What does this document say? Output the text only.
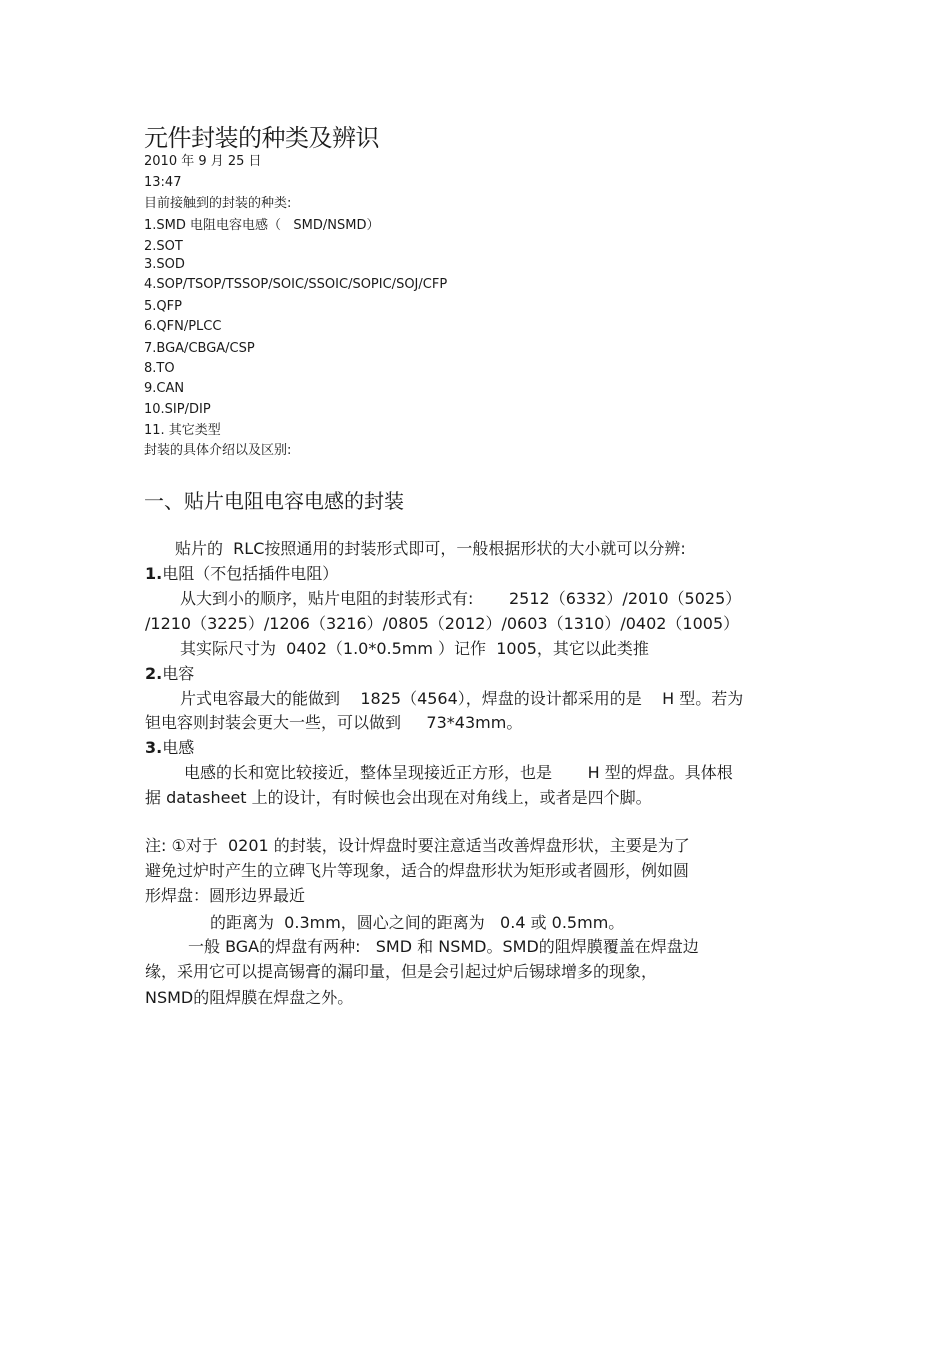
元件封装的种类及辨识
2010 年 9 月 25 日
13:47
目前接触到的封装的种类:
1.SMD 电阻电容电感（   SMD/NSMD）
2.SOT
3.SOD
4.SOP/TSOP/TSSOP/SOIC/SSOIC/SOPIC/SOJ/CFP
5.QFP
6.QFN/PLCC
7.BGA/CBGA/CSP
8.TO
9.CAN
10.SIP/DIP
11. 其它类型
封装的具体介绍以及区别:
一、贴片电阻电容电感的封装
贴片的  RLC按照通用的封装形式即可，一般根据形状的大小就可以分辨:
1.电阻（不包括插件电阻）
从大到小的顺序，贴片电阻的封装形式有:       2512（6332）/2010（5025）
/1210（3225）/1206（3216）/0805（2012）/0603（1310）/0402（1005）
其实际尺寸为  0402（1.0*0.5mm ）记作  1005，其它以此类推
2.电容
片式电容最大的能做到    1825（4564），焊盘的设计都采用的是    H 型。若为
钽电容则封装会更大一些，可以做到     73*43mm。
3.电感
电感的长和宽比较接近，整体呈现接近正方形，也是       H 型的焊盘。具体根
据 datasheet 上的设计，有时候也会出现在对角线上，或者是四个脚。
注: ①对于  0201 的封装，设计焊盘时要注意适当改善焊盘形状，主要是为了
避免过炉时产生的立碑飞片等现象，适合的焊盘形状为矩形或者圆形，例如圆
形焊盘：圆形边界最近
的距离为  0.3mm，圆心之间的距离为   0.4 或 0.5mm。
一般 BGA的焊盘有两种:   SMD 和 NSMD。SMD的阻焊膜覆盖在焊盘边
缘，采用它可以提高锡膏的漏印量，但是会引起过炉后锡球增多的现象，
NSMD的阻焊膜在焊盘之外。
